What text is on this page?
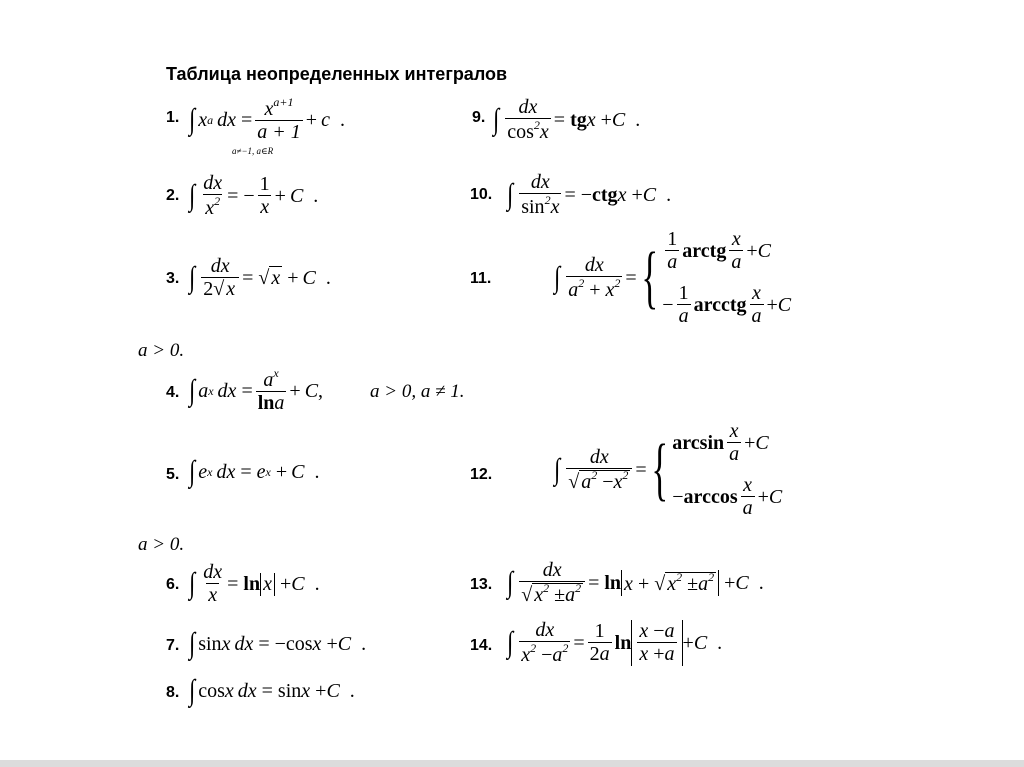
Таблица неопределенных интегралов
1. ∫ x a  dx = $\frac{x^{a+1}}{a + 1} + c$ .
a≠−1, a∈R
2. ∫ $\frac{dx}{x^2}$ = − $\frac{1}{x} + C$ .
3. ∫ $\frac{dx}{2√ x}$ =
√ x
+  C .
a > 0.
4. ∫ a x  dx = $\frac{a^x}{\ln a} + C$ , a > 0, a ≠ 1.
5. ∫ e x  dx = e x
+  C .
a > 0.
6. ∫ $\frac{dx}{x}$ =
ln x
+ C .
7. ∫ sin x dx = −cos x + C .
8. ∫ cos x dx = sin x + C .
9. ∫ $\frac{dx}{\cos^2x}$ =
tg x + C .
10. ∫ $\frac{dx}{\sin^2x}$ = − ctg x + C .
11. ∫ $\frac{dx}{a^2 + x^2}$ = { $\frac{1}{a}$ arctg $\frac{x}{a} + C$
− $\frac{1}{a}$ arcctg $\frac{x}{a} + C$
12. ∫ $\frac{dx}{√ a^2 -x^2}$ = { $\arcsin \frac{x}{a} + C$
− $\arccos \frac{x}{a} + C$
13. ∫ $\frac{dx}{√ x^2 \pm a^2}$ =
ln x + √ $x^2 \pm a^2$
+ C .
14. ∫ $\frac{dx}{x^2 -a^2} = \frac{1}{2a}$ $\ln \frac{x -a}{x +a} + C$ .
